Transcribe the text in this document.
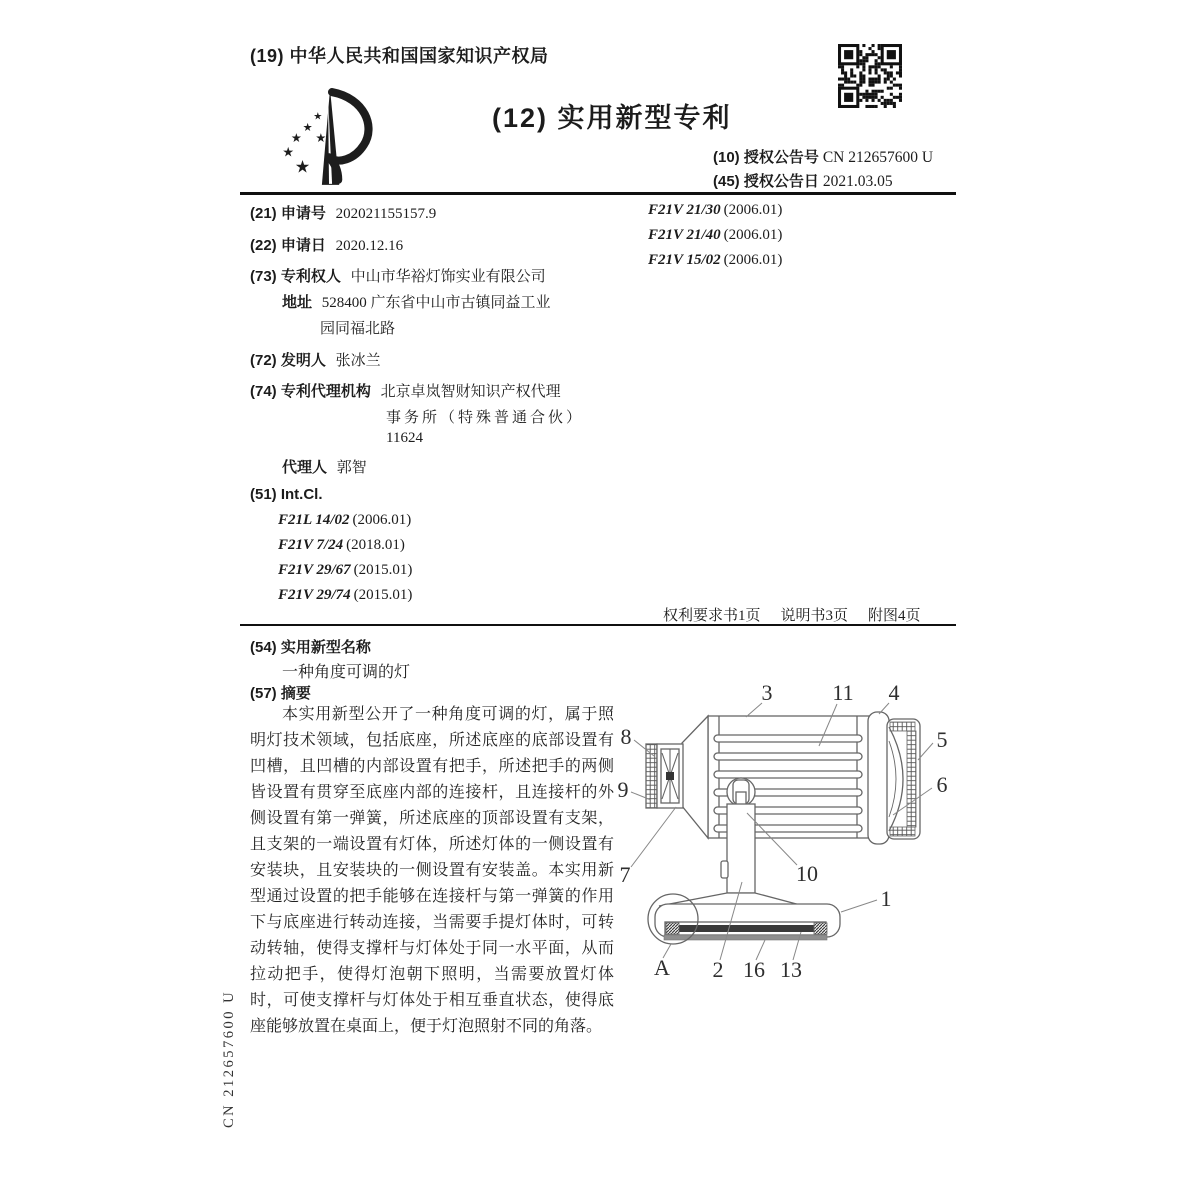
(19) 中华人民共和国国家知识产权局
★
★
★
★
★
★
(12) 实用新型专利
(10) 授权公告号 CN 212657600 U
(45) 授权公告日 2021.03.05
(21) 申请号 202021155157.9
(22) 申请日 2020.12.16
(73) 专利权人 中山市华裕灯饰实业有限公司
地址 528400 广东省中山市古镇同益工业
园同福北路
(72) 发明人 张冰兰
(74) 专利代理机构 北京卓岚智财知识产权代理
事务所（特殊普通合伙）
11624
代理人 郭智
(51) Int.Cl.
F21L 14/02 (2006.01)
F21V 7/24 (2018.01)
F21V 29/67 (2015.01)
F21V 29/74 (2015.01)
F21V 21/30 (2006.01)
F21V 21/40 (2006.01)
F21V 15/02 (2006.01)
权利要求书1页 说明书3页 附图4页
(54) 实用新型名称
一种角度可调的灯
(57) 摘要
本实用新型公开了一种角度可调的灯，属于照明灯技术领域，包括底座，所述底座的底部设置有凹槽，且凹槽的内部设置有把手，所述把手的两侧皆设置有贯穿至底座内部的连接杆，且连接杆的外侧设置有第一弹簧，所述底座的顶部设置有支架，且支架的一端设置有灯体，所述灯体的一侧设置有安装块，且安装块的一侧设置有安装盖。本实用新型通过设置的把手能够在连接杆与第一弹簧的作用下与底座进行转动连接，当需要手提灯体时，可转动转轴，使得支撑杆与灯体处于同一水平面，从而拉动把手，使得灯泡朝下照明，当需要放置灯体时，可使支撑杆与灯体处于相互垂直状态，使得底座能够放置在桌面上，便于灯泡照射不同的角落。
3	11 4
8	5
9	6
7	10
1
A 2 16 13
CN 212657600 U
